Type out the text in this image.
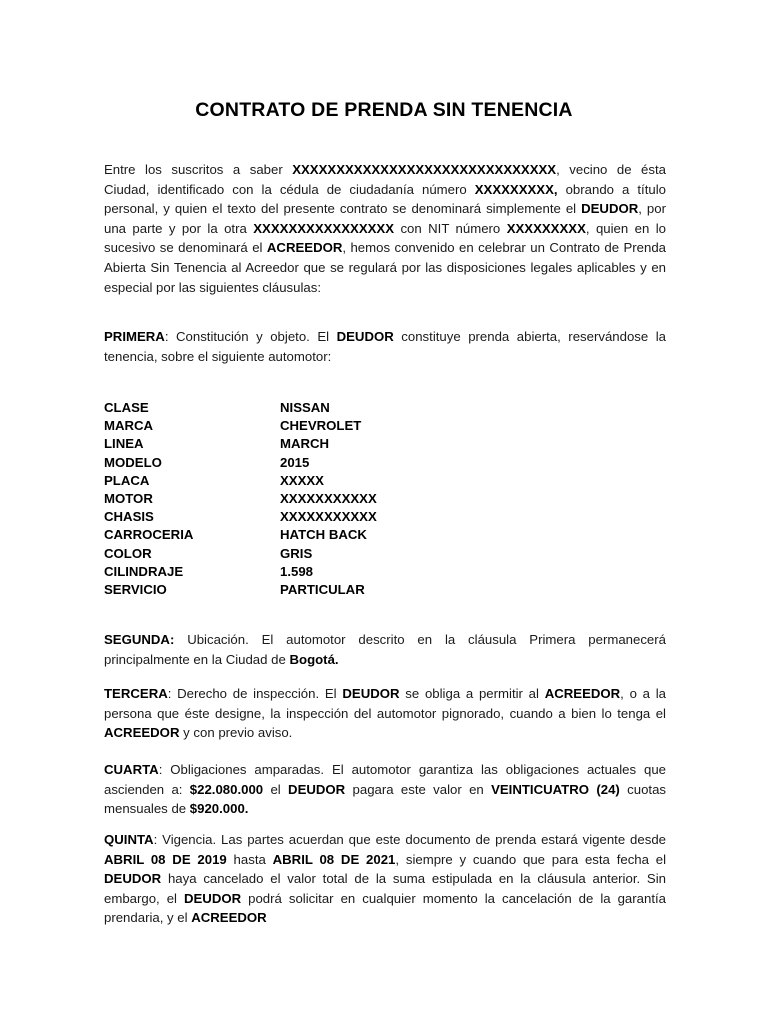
CONTRATO DE PRENDA SIN TENENCIA

Entre los suscritos a saber XXXXXXXXXXXXXXXXXXXXXXXXXXXXXX, vecino de ésta Ciudad, identificado con la cédula de ciudadanía número XXXXXXXXX, obrando a título personal, y quien el texto del presente contrato se denominará simplemente el DEUDOR, por una parte y por la otra XXXXXXXXXXXXXXXX con NIT número XXXXXXXXX, quien en lo sucesivo se denominará el ACREEDOR, hemos convenido en celebrar un Contrato de Prenda Abierta Sin Tenencia al Acreedor que se regulará por las disposiciones legales aplicables y en especial por las siguientes cláusulas:

PRIMERA: Constitución y objeto. El DEUDOR constituye prenda abierta, reservándose la tenencia, sobre el siguiente automotor:

CLASE	NISSAN
MARCA	CHEVROLET
LINEA	MARCH
MODELO	2015
PLACA	XXXXX
MOTOR	XXXXXXXXXXX
CHASIS	XXXXXXXXXXX
CARROCERIA	HATCH BACK
COLOR	GRIS
CILINDRAJE	1.598
SERVICIO	PARTICULAR

SEGUNDA: Ubicación. El automotor descrito en la cláusula Primera permanecerá principalmente en la Ciudad de Bogotá.

TERCERA: Derecho de inspección. El DEUDOR se obliga a permitir al ACREEDOR, o a la persona que éste designe, la inspección del automotor pignorado, cuando a bien lo tenga el ACREEDOR y con previo aviso.

CUARTA: Obligaciones amparadas. El automotor garantiza las obligaciones actuales que ascienden a: $22.080.000 el DEUDOR pagara este valor en VEINTICUATRO (24) cuotas mensuales de $920.000.

QUINTA: Vigencia. Las partes acuerdan que este documento de prenda estará vigente desde ABRIL 08 DE 2019 hasta ABRIL 08 DE 2021, siempre y cuando que para esta fecha el DEUDOR haya cancelado el valor total de la suma estipulada en la cláusula anterior. Sin embargo, el DEUDOR podrá solicitar en cualquier momento la cancelación de la garantía prendaria, y el ACREEDOR
